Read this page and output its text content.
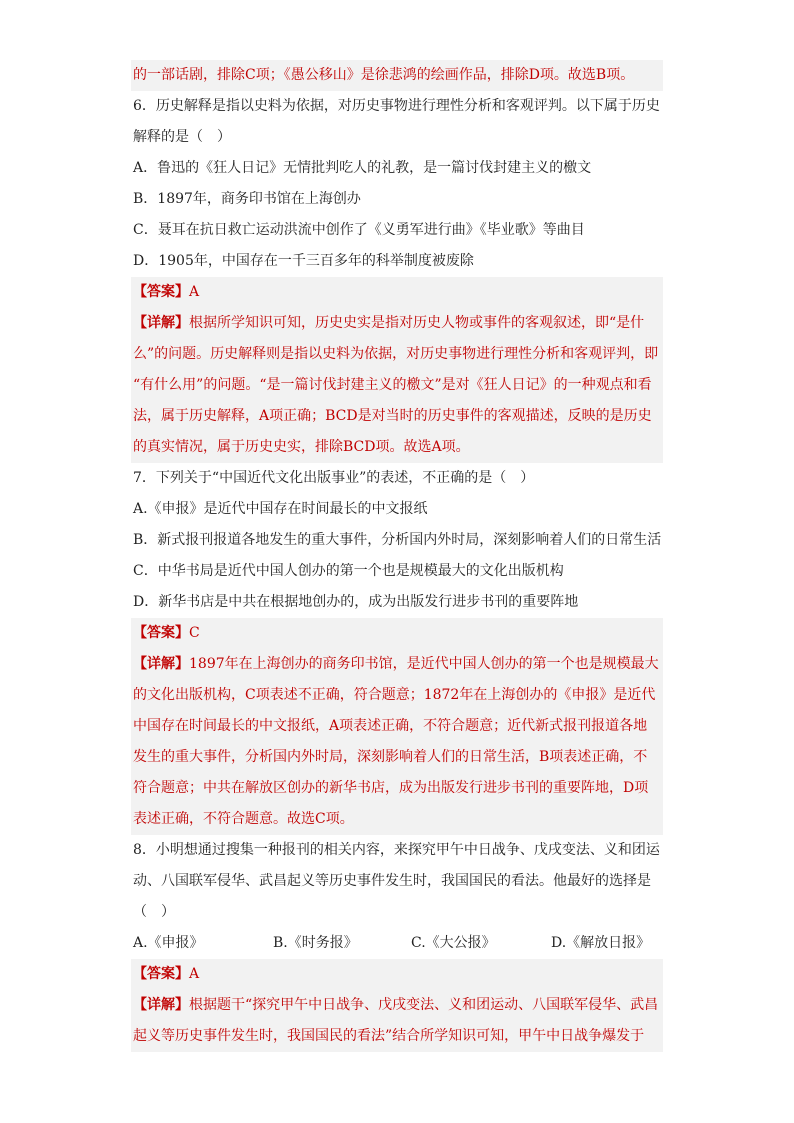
的一部话剧，排除C项；《愚公移山》是徐悲鸿的绘画作品，排除D项。故选B项。
6．历史解释是指以史料为依据，对历史事物进行理性分析和客观评判。以下属于历史
解释的是（　）
A．鲁迅的《狂人日记》无情批判吃人的礼教，是一篇讨伐封建主义的檄文
B．1897年，商务印书馆在上海创办
C．聂耳在抗日救亡运动洪流中创作了《义勇军进行曲》《毕业歌》等曲目
D．1905年，中国存在一千三百多年的科举制度被废除
【答案】A
【详解】根据所学知识可知，历史史实是指对历史人物或事件的客观叙述，即“是什
么”的问题。历史解释则是指以史料为依据，对历史事物进行理性分析和客观评判，即
“有什么用”的问题。“是一篇讨伐封建主义的檄文”是对《狂人日记》的一种观点和看
法，属于历史解释，A项正确；BCD是对当时的历史事件的客观描述，反映的是历史
的真实情况，属于历史史实，排除BCD项。故选A项。
7．下列关于“中国近代文化出版事业”的表述，不正确的是（　）
A.《申报》是近代中国存在时间最长的中文报纸
B．新式报刊报道各地发生的重大事件，分析国内外时局，深刻影响着人们的日常生活
C．中华书局是近代中国人创办的第一个也是规模最大的文化出版机构
D．新华书店是中共在根据地创办的，成为出版发行进步书刊的重要阵地
【答案】C
【详解】1897年在上海创办的商务印书馆，是近代中国人创办的第一个也是规模最大
的文化出版机构，C项表述不正确，符合题意；1872年在上海创办的《申报》是近代
中国存在时间最长的中文报纸，A项表述正确，不符合题意；近代新式报刊报道各地
发生的重大事件，分析国内外时局，深刻影响着人们的日常生活，B项表述正确，不
符合题意；中共在解放区创办的新华书店，成为出版发行进步书刊的重要阵地，D项
表述正确，不符合题意。故选C项。
8．小明想通过搜集一种报刊的相关内容，来探究甲午中日战争、戊戌变法、义和团运
动、八国联军侵华、武昌起义等历史事件发生时，我国国民的看法。他最好的选择是
（　）
A.《申报》	B.《时务报》	C.《大公报》	D.《解放日报》
【答案】A
【详解】根据题干“探究甲午中日战争、戊戌变法、义和团运动、八国联军侵华、武昌
起义等历史事件发生时，我国国民的看法”结合所学知识可知，甲午中日战争爆发于
